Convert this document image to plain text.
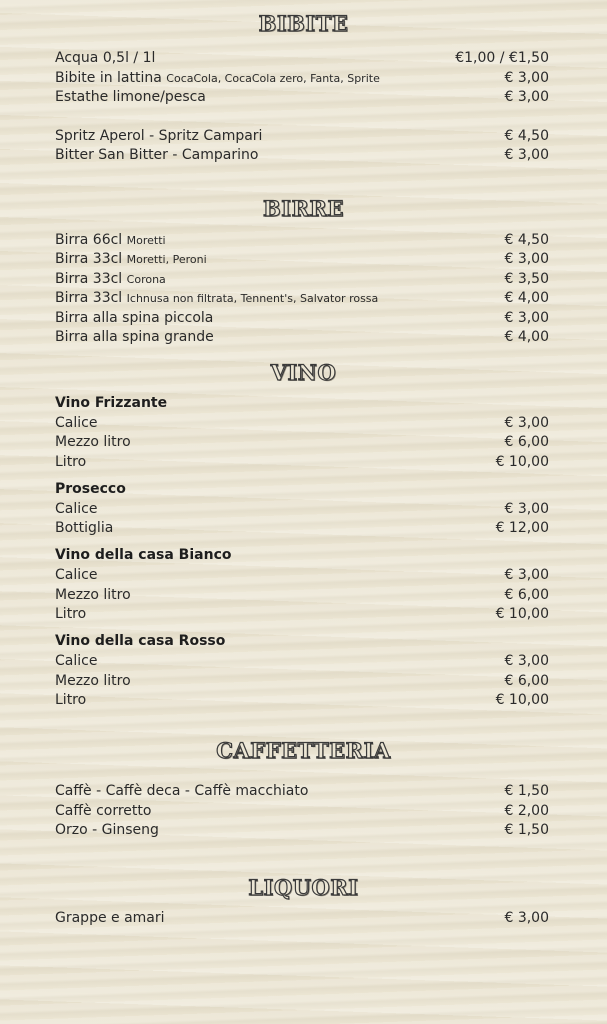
BIBITE
Acqua 0,5l / 1l	€1,00 / €1,50
Bibite in lattina CocaCola, CocaCola zero, Fanta, Sprite	€ 3,00
Estathe limone/pesca	€ 3,00
Spritz Aperol - Spritz Campari	€ 4,50
Bitter San Bitter - Camparino	€ 3,00
BIRRE
Birra 66cl Moretti	€ 4,50
Birra 33cl Moretti, Peroni	€ 3,00
Birra 33cl Corona	€ 3,50
Birra 33cl Ichnusa non filtrata, Tennent's, Salvator rossa	€ 4,00
Birra alla spina piccola	€ 3,00
Birra alla spina grande	€ 4,00
VINO
Vino Frizzante
Calice	€ 3,00
Mezzo litro	€ 6,00
Litro	€ 10,00
Prosecco
Calice	€ 3,00
Bottiglia	€ 12,00
Vino della casa Bianco
Calice	€ 3,00
Mezzo litro	€ 6,00
Litro	€ 10,00
Vino della casa Rosso
Calice	€ 3,00
Mezzo litro	€ 6,00
Litro	€ 10,00
CAFFETTERIA
Caffè - Caffè deca - Caffè macchiato	€ 1,50
Caffè corretto	€ 2,00
Orzo - Ginseng	€ 1,50
LIQUORI
Grappe e amari	€ 3,00
